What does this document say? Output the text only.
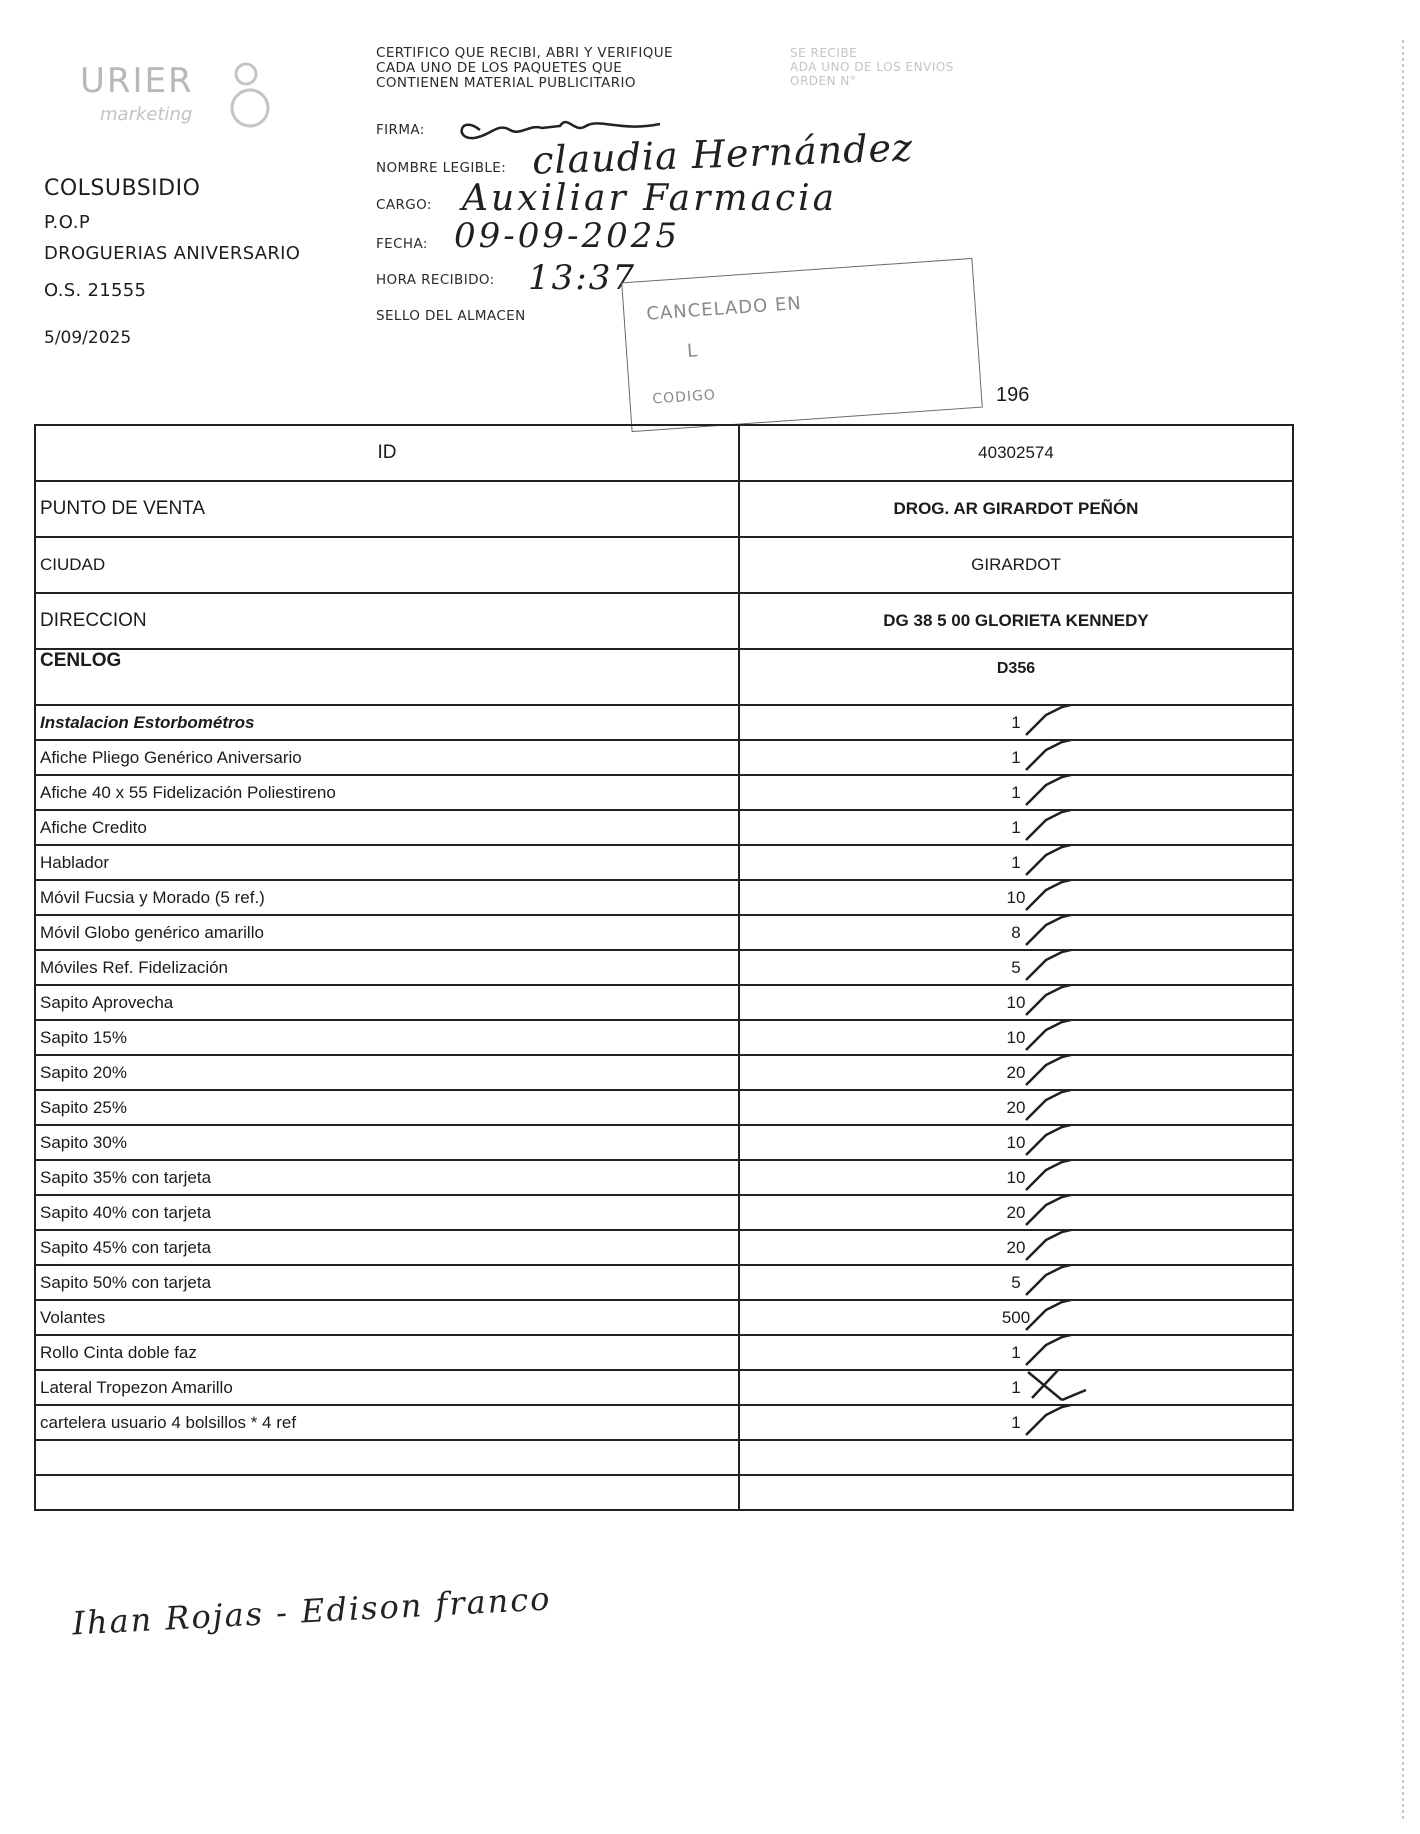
URIER
marketing
COLSUBSIDIO
P.O.P
DROGUERIAS ANIVERSARIO
O.S. 21555
5/09/2025
CERTIFICO QUE RECIBI, ABRI Y VERIFIQUE
CADA UNO DE LOS PAQUETES QUE
CONTIENEN MATERIAL PUBLICITARIO
FIRMA:
NOMBRE LEGIBLE: claudia Hernández
CARGO: Auxiliar Farmacia
FECHA: 09-09-2025
HORA RECIBIDO: 13:37
SELLO DEL ALMACEN
SE RECIBE
ADA UNO DE LOS ENVIOS
ORDEN N°
CANCELADO EN
L
CODIGO	196
ID	40302574
PUNTO DE VENTA	DROG. AR GIRARDOT PEÑÓN
CIUDAD	GIRARDOT
DIRECCION	DG 38 5 00 GLORIETA KENNEDY
CENLOG	D356

Instalacion Estorbométros	1

Afiche Pliego Genérico Aniversario	1

Afiche 40 x 55 Fidelización Poliestireno	1

Afiche Credito	1

Hablador	1

Móvil Fucsia y Morado (5 ref.)	10

Móvil Globo genérico amarillo	8

Móviles Ref. Fidelización	5

Sapito Aprovecha	10

Sapito 15%	10

Sapito 20%	20

Sapito 25%	20

Sapito 30%	10

Sapito 35% con tarjeta	10

Sapito 40% con tarjeta	20

Sapito 45% con tarjeta	20

Sapito 50% con tarjeta	5

Volantes	500

Rollo Cinta doble faz	1

Lateral Tropezon Amarillo	1

cartelera usuario 4 bolsillos * 4 ref	1

Ihan Rojas - Edison franco
